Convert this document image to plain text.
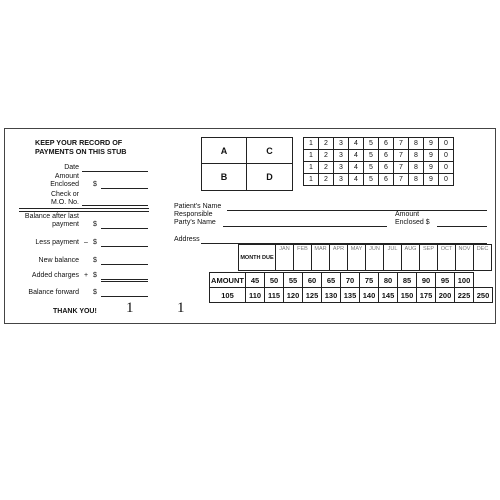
KEEP YOUR RECORD OF PAYMENTS ON THIS STUB
Date
Amount Enclosed $
Check or M.O. No.
Balance after last payment $
Less payment – $
New balance $
Added charges + $
Balance forward $
THANK YOU! 1	1
A	C
B	D
1	2	3	4	5	6	7	8	9	0
1	2	3	4	5	6	7	8	9	0
1	2	3	4	5	6	7	8	9	0
1	2	3	4	5	6	7	8	9	0
Patient's Name
Responsible
Party's Name
Amount
Enclosed $
Address
MONTH DUE	JAN	FEB	MAR	APR	MAY	JUN	JUL	AUG	SEP	OCT	NOV	DEC
AMOUNT	45	50	55	60	65	70	75	80	85	90	95	100	
105	110	115	120	125	130	135	140	145	150	175	200	225	250
